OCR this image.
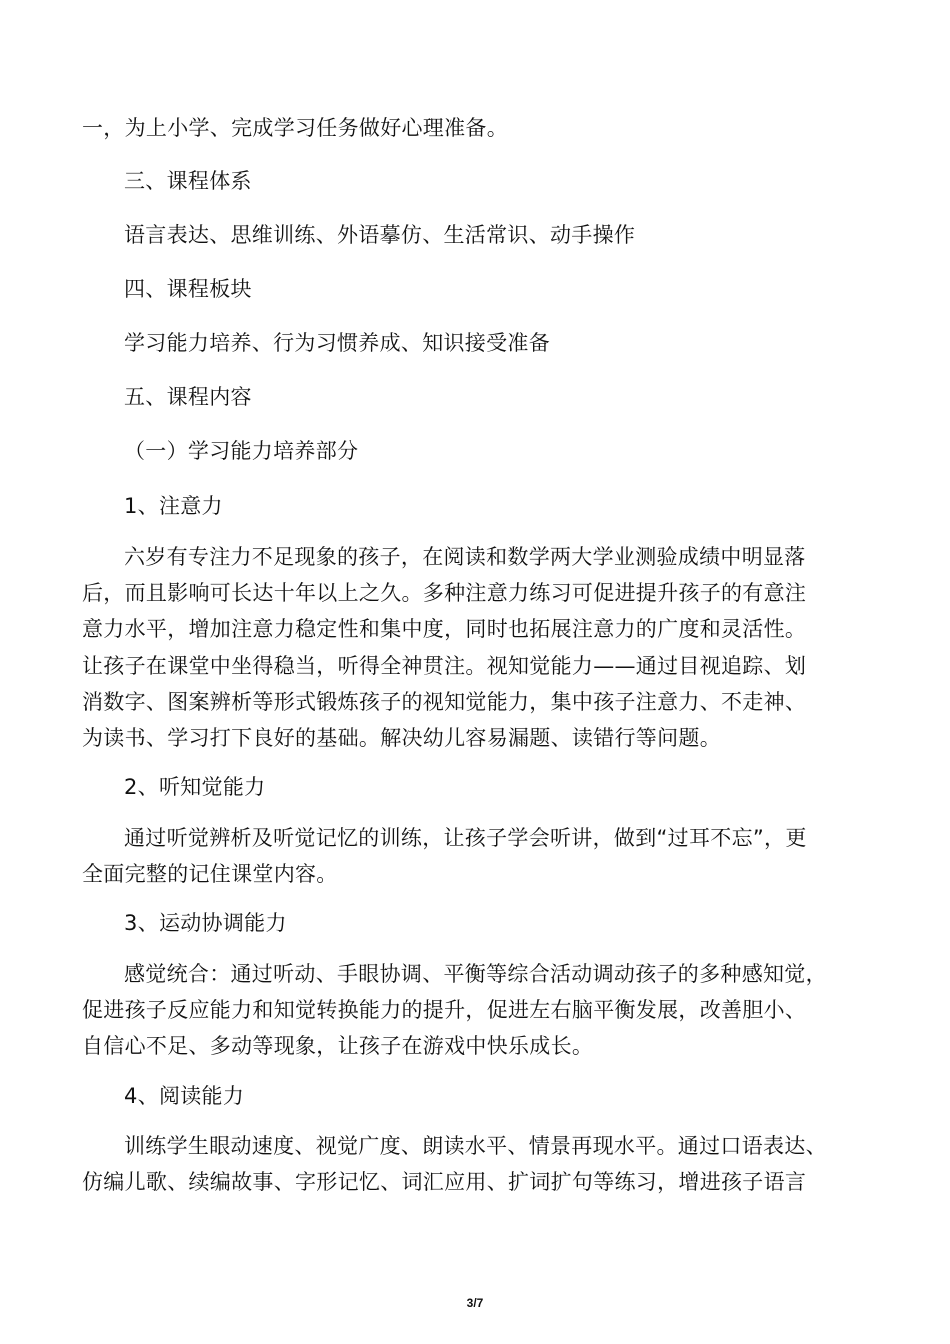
一，为上小学、完成学习任务做好心理准备。
三、课程体系
语言表达、思维训练、外语摹仿、生活常识、动手操作
四、课程板块
学习能力培养、行为习惯养成、知识接受准备
五、课程内容
（一）学习能力培养部分
1、注意力
六岁有专注力不足现象的孩子，在阅读和数学两大学业测验成绩中明显落
后，而且影响可长达十年以上之久。多种注意力练习可促进提升孩子的有意注
意力水平，增加注意力稳定性和集中度，同时也拓展注意力的广度和灵活性。
让孩子在课堂中坐得稳当，听得全神贯注。视知觉能力——通过目视追踪、划
消数字、图案辨析等形式锻炼孩子的视知觉能力，集中孩子注意力、不走神、
为读书、学习打下良好的基础。解决幼儿容易漏题、读错行等问题。
2、听知觉能力
通过听觉辨析及听觉记忆的训练，让孩子学会听讲，做到“过耳不忘”，更
全面完整的记住课堂内容。
3、运动协调能力
感觉统合：通过听动、手眼协调、平衡等综合活动调动孩子的多种感知觉，
促进孩子反应能力和知觉转换能力的提升，促进左右脑平衡发展，改善胆小、
自信心不足、多动等现象，让孩子在游戏中快乐成长。
4、阅读能力
训练学生眼动速度、视觉广度、朗读水平、情景再现水平。通过口语表达、
仿编儿歌、续编故事、字形记忆、词汇应用、扩词扩句等练习，增进孩子语言
3/7
